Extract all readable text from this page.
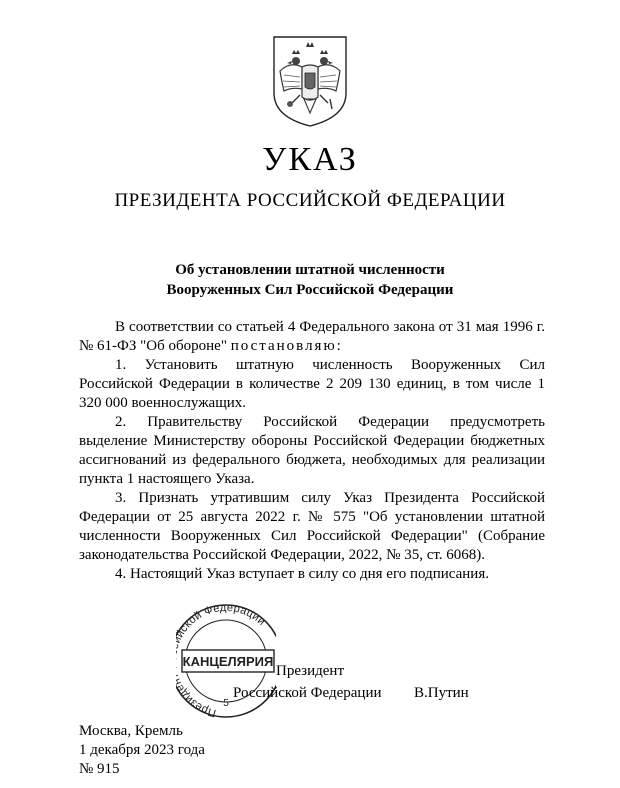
УКАЗ
ПРЕЗИДЕНТА РОССИЙСКОЙ ФЕДЕРАЦИИ
Об установлении штатной численности
Вооруженных Сил Российской Федерации

В соответствии со статьей 4 Федерального закона от 31 мая 1996 г. № 61-ФЗ "Об обороне" постановляю:

1. Установить штатную численность Вооруженных Сил Российской Федерации в количестве 2 209 130 единиц, в том числе 1 320 000 военнослужащих.

2. Правительству Российской Федерации предусмотреть выделение Министерству обороны Российской Федерации бюджетных ассигнований из федерального бюджета, необходимых для реализации пункта 1 настоящего Указа.

3. Признать утратившим силу Указ Президента Российской Федерации от 25 августа 2022 г. № 575 "Об установлении штатной численности Вооруженных Сил Российской Федерации" (Собрание законодательства Российской Федерации, 2022, № 35, ст. 6068).

4. Настоящий Указ вступает в силу со дня его подписания.

Презид ской Федерации
КАНЦЕЛЯРИЯ
5
Президент
Российской Федерации В.Путин
Москва, Кремль
1 декабря 2023 года
№ 915
